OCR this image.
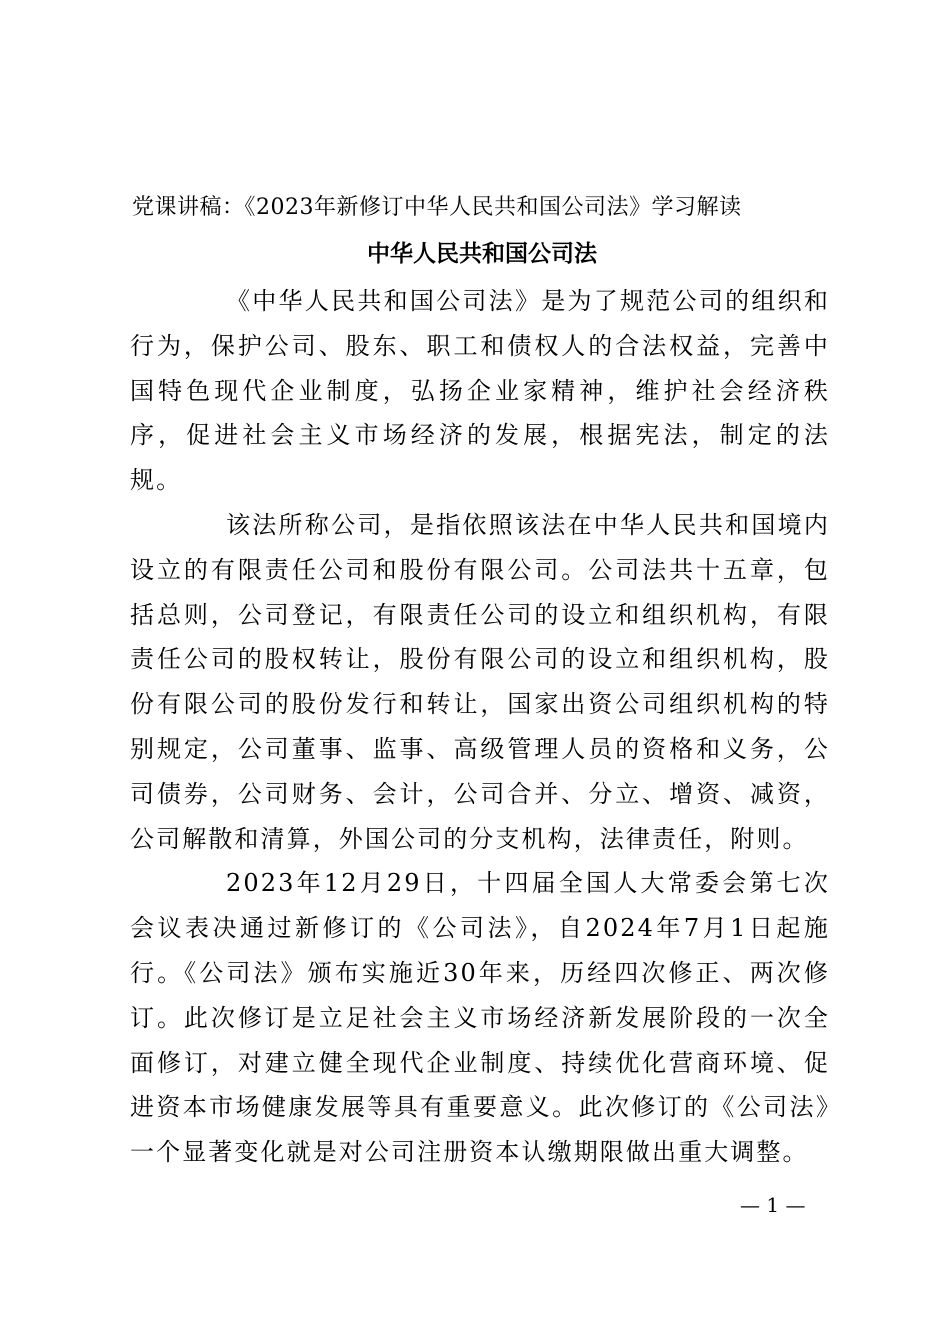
党课讲稿：《2023年新修订中华人民共和国公司法》学习解读
中华人民共和国公司法

《中华人民共和国公司法》是为了规范公司的组织和行为，保护公司、股东、职工和债权人的合法权益，完善中国特色现代企业制度，弘扬企业家精神，维护社会经济秩序，促进社会主义市场经济的发展，根据宪法，制定的法规。

该法所称公司，是指依照该法在中华人民共和国境内设立的有限责任公司和股份有限公司。公司法共十五章，包括总则，公司登记，有限责任公司的设立和组织机构，有限责任公司的股权转让，股份有限公司的设立和组织机构，股份有限公司的股份发行和转让，国家出资公司组织机构的特别规定，公司董事、监事、高级管理人员的资格和义务，公司债券，公司财务、会计，公司合并、分立、增资、减资，公司解散和清算，外国公司的分支机构，法律责任，附则。

2023年12月29日，十四届全国人大常委会第七次会议表决通过新修订的《公司法》，自2024年7月1日起施行。《公司法》颁布实施近30年来，历经四次修正、两次修订。此次修订是立足社会主义市场经济新发展阶段的一次全面修订，对建立健全现代企业制度、持续优化营商环境、促进资本市场健康发展等具有重要意义。此次修订的《公司法》一个显著变化就是对公司注册资本认缴期限做出重大调整。

— 1 —
